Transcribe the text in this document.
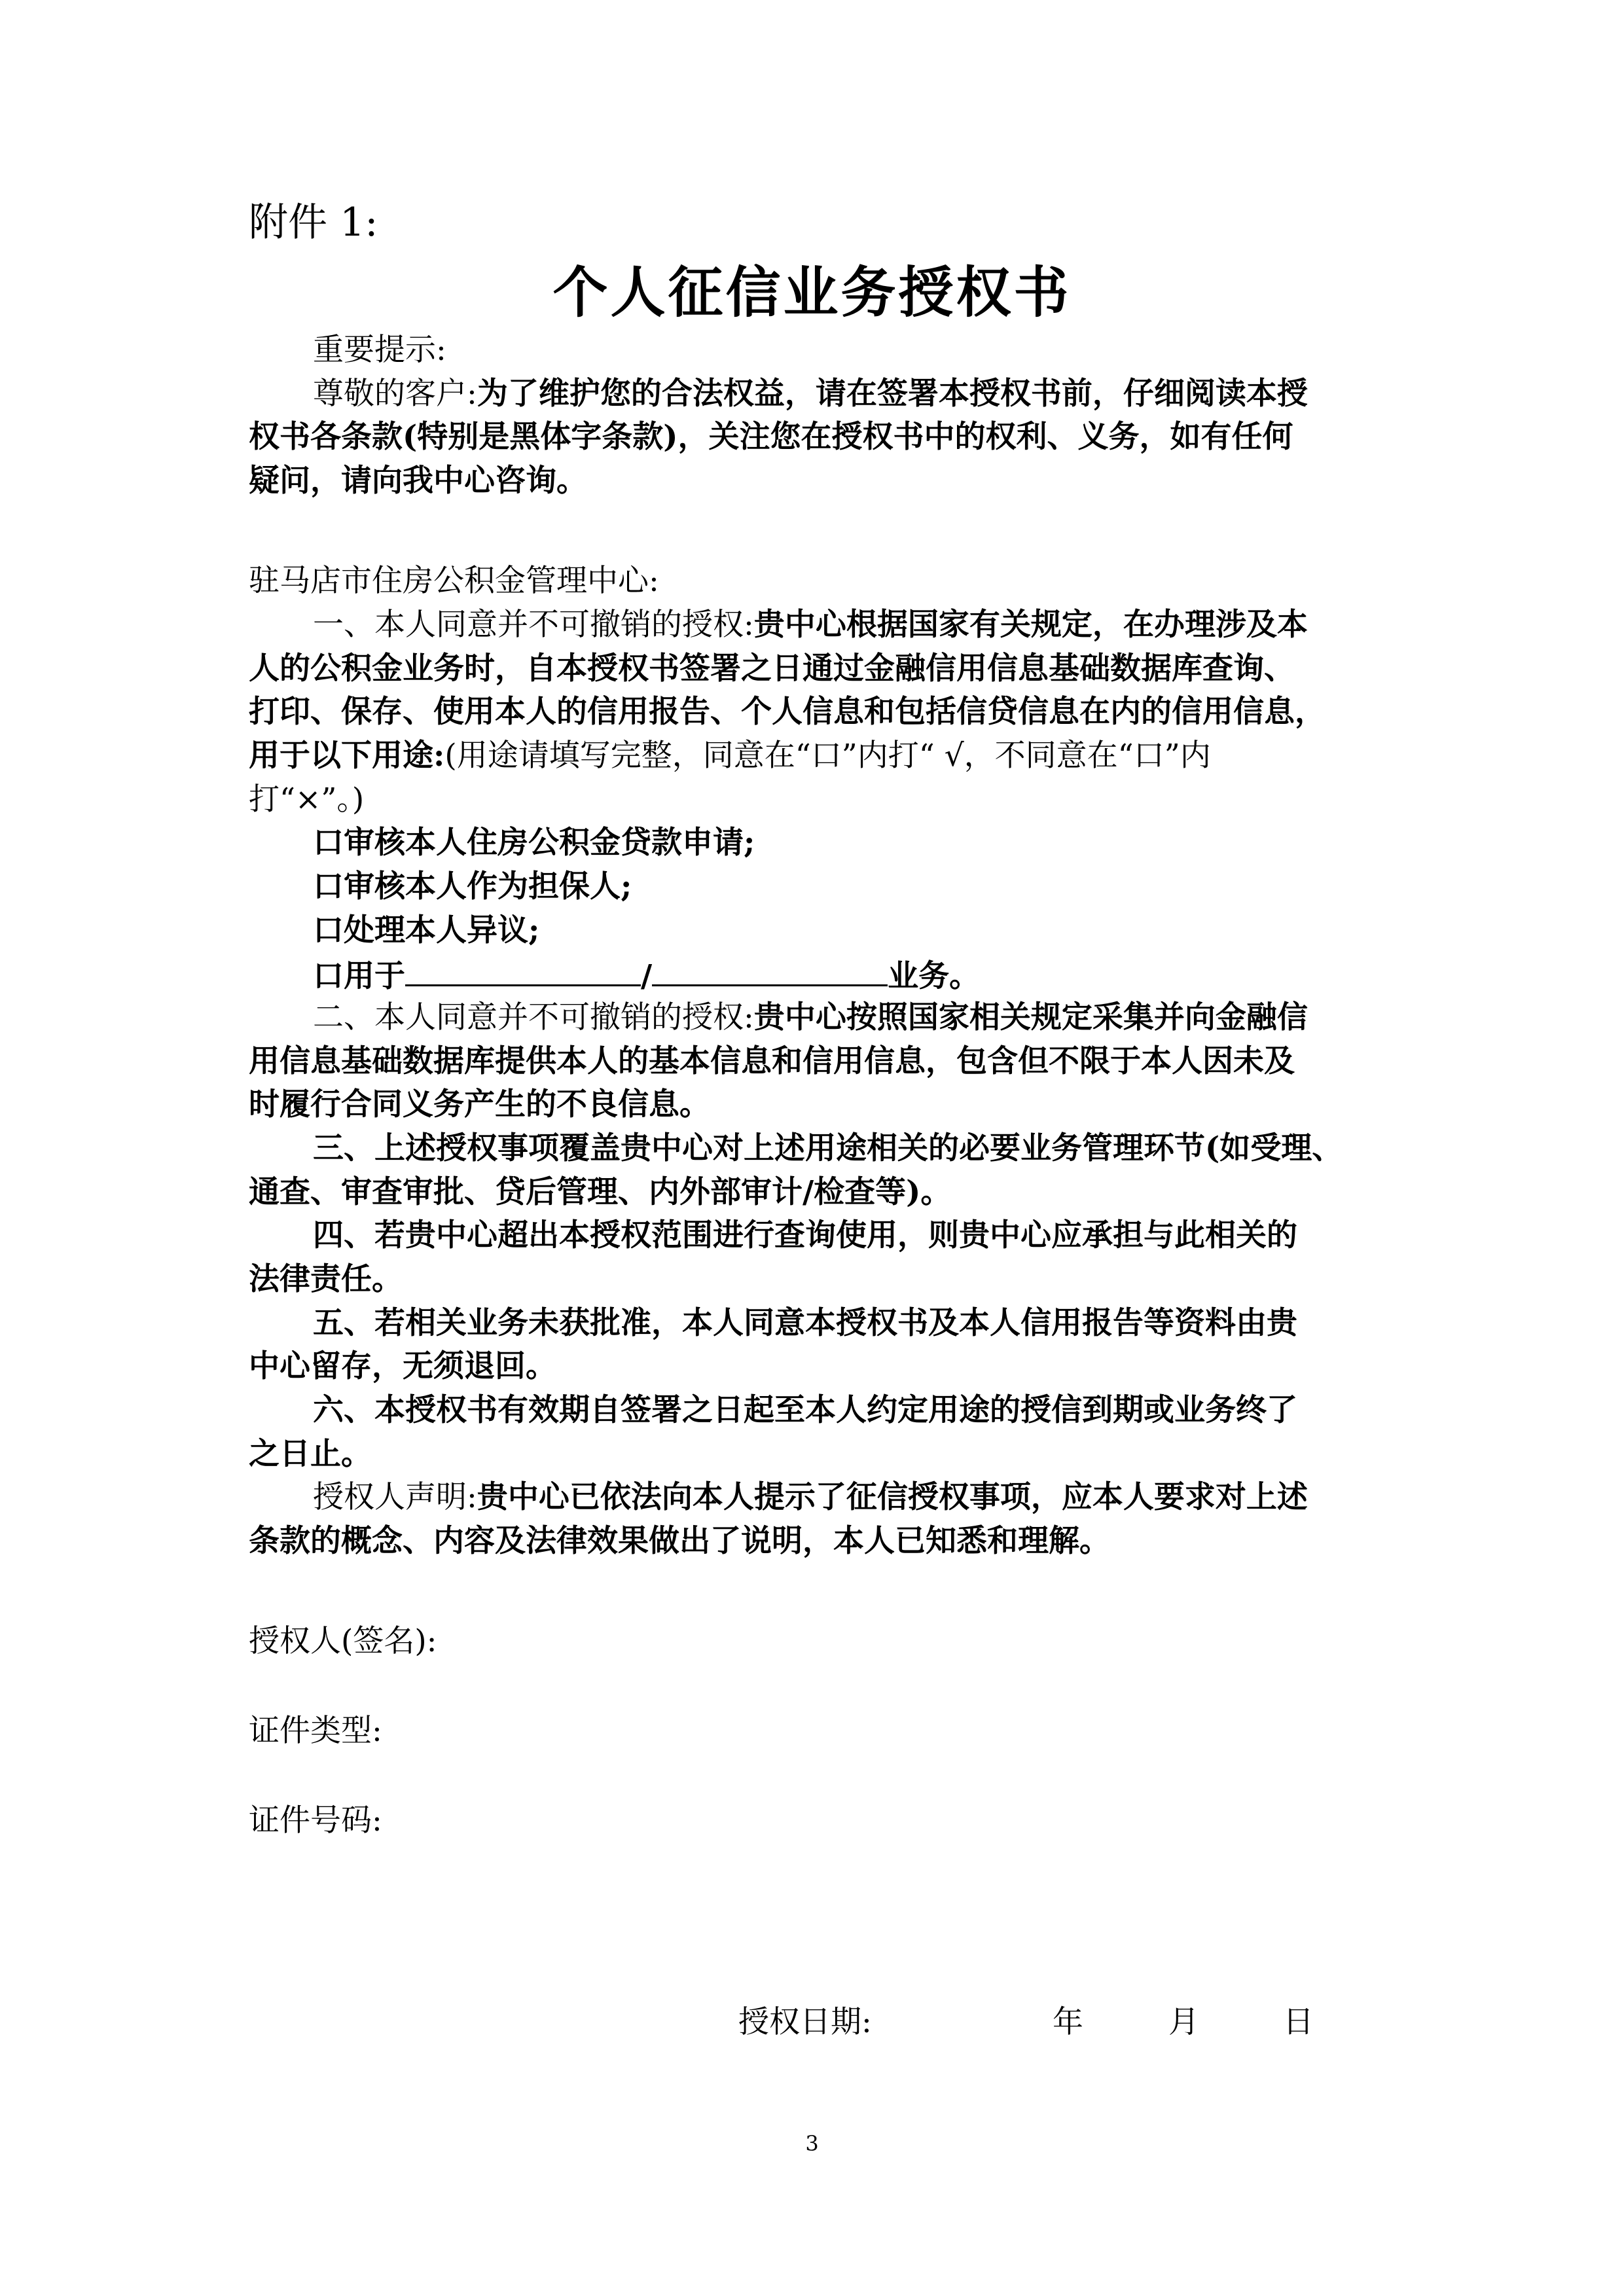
附件 1:
个人征信业务授权书
重要提示:
尊敬的客户:为了维护您的合法权益，请在签署本授权书前，仔细阅读本授
权书各条款(特别是黑体字条款)，关注您在授权书中的权利、义务，如有任何
疑问，请向我中心咨询。
驻马店市住房公积金管理中心:
一、本人同意并不可撤销的授权:贵中心根据国家有关规定，在办理涉及本
人的公积金业务时，自本授权书签署之日通过金融信用信息基础数据库查询、
打印、保存、使用本人的信用报告、个人信息和包括信贷信息在内的信用信息，
用于以下用途:(用途请填写完整，同意在“口”内打“ √，不同意在“口”内
打“×”。)
口审核本人住房公积金贷款申请;
口审核本人作为担保人;
口处理本人异议;
口用于	/	业务。
二、本人同意并不可撤销的授权:贵中心按照国家相关规定采集并向金融信
用信息基础数据库提供本人的基本信息和信用信息，包含但不限于本人因未及
时履行合同义务产生的不良信息。
三、上述授权事项覆盖贵中心对上述用途相关的必要业务管理环节(如受理、
通查、审查审批、贷后管理、内外部审计/检查等)。
四、若贵中心超出本授权范围进行查询使用，则贵中心应承担与此相关的
法律责任。
五、若相关业务未获批准，本人同意本授权书及本人信用报告等资料由贵
中心留存，无须退回。
六、本授权书有效期自签署之日起至本人约定用途的授信到期或业务终了
之日止。
授权人声明:贵中心已依法向本人提示了征信授权事项，应本人要求对上述
条款的概念、内容及法律效果做出了说明，本人已知悉和理解。
授权人(签名):
证件类型:
证件号码:
授权日期:	年	月	日
3
